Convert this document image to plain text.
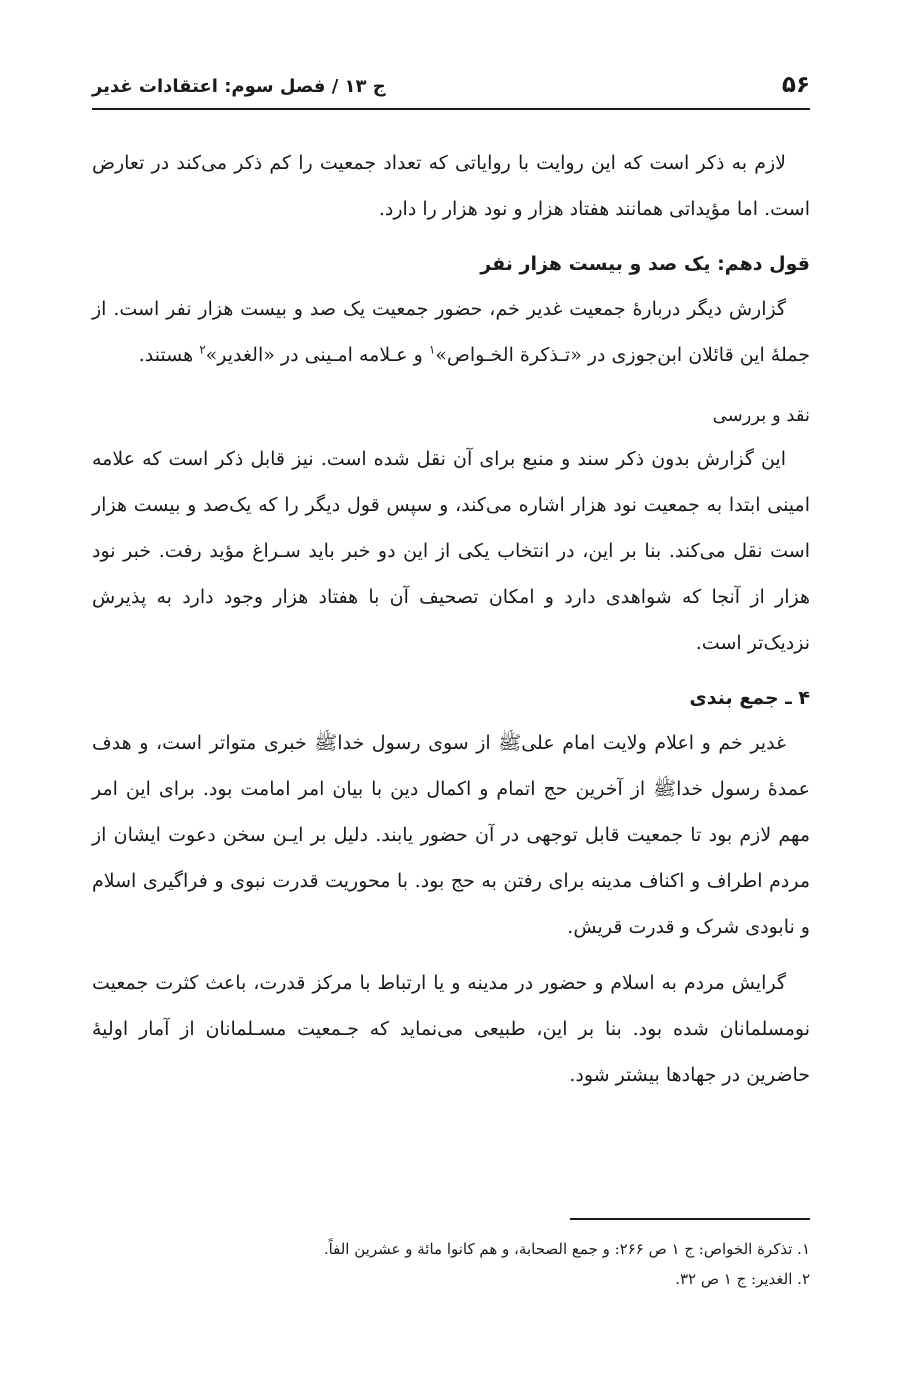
۵۶
ج ۱۳ / فصل سوم: اعتقادات غدیر

لازم به ذکر است که این روایت با روایاتی که تعداد جمعیت را کم ذکر می‌کند در تعارض است. اما مؤیداتی همانند هفتاد هزار و نود هزار را دارد.

قول دهم: یک صد و بیست هزار نفر

گزارش دیگر دربارهٔ جمعیت غدیر خم، حضور جمعیت یک صد و بیست هزار نفر است. از جملهٔ این قائلان ابن‌جوزی در «تـذکرة الخـواص»$^۱$ و عـلامه امـینی در «الغدیر»$^۲$ هستند.

نقد و بررسی

این گزارش بدون ذکر سند و منبع برای آن نقل شده است. نیز قابل ذکر است که علامه امینی ابتدا به جمعیت نود هزار اشاره می‌کند، و سپس قول دیگر را که یک‌صد و بیست هزار است نقل می‌کند. بنا بر این، در انتخاب یکی از این دو خبر باید سـراغ مؤید رفت. خبر نود هزار از آنجا که شواهدی دارد و امکان تصحیف آن با هفتاد هزار وجود دارد به پذیرش نزدیک‌تر است.

۴ ـ جمع بندی

غدیر خم و اعلام ولایت امام علی‌ﷺ از سوی رسول خداﷺ خبری متواتر است، و هدف عمدهٔ رسول خداﷺ از آخرین حج اتمام و اکمال دین با بیان امر امامت بود. برای این امر مهم لازم بود تا جمعیت قابل توجهی در آن حضور یابند. دلیل بر ایـن سخن دعوت ایشان از مردم اطراف و اکناف مدینه برای رفتن به حج بود. با محوریت قدرت نبوی و فراگیری اسلام و نابودی شرک و قدرت قریش.

گرایش مردم به اسلام و حضور در مدینه و یا ارتباط با مرکز قدرت، باعث کثرت جمعیت نومسلمانان شده بود. بنا بر این، طبیعی می‌نماید که جـمعیت مسـلمانان از آمار اولیهٔ حاضرین در جهادها بیشتر شود.

۱. تذکرة الخواص: ج ۱ ص ۲۶۶: و جمع الصحابة، و هم کانوا مائة و عشرین الفاً.

۲. الغدیر: ج ۱ ص ۳۲.
